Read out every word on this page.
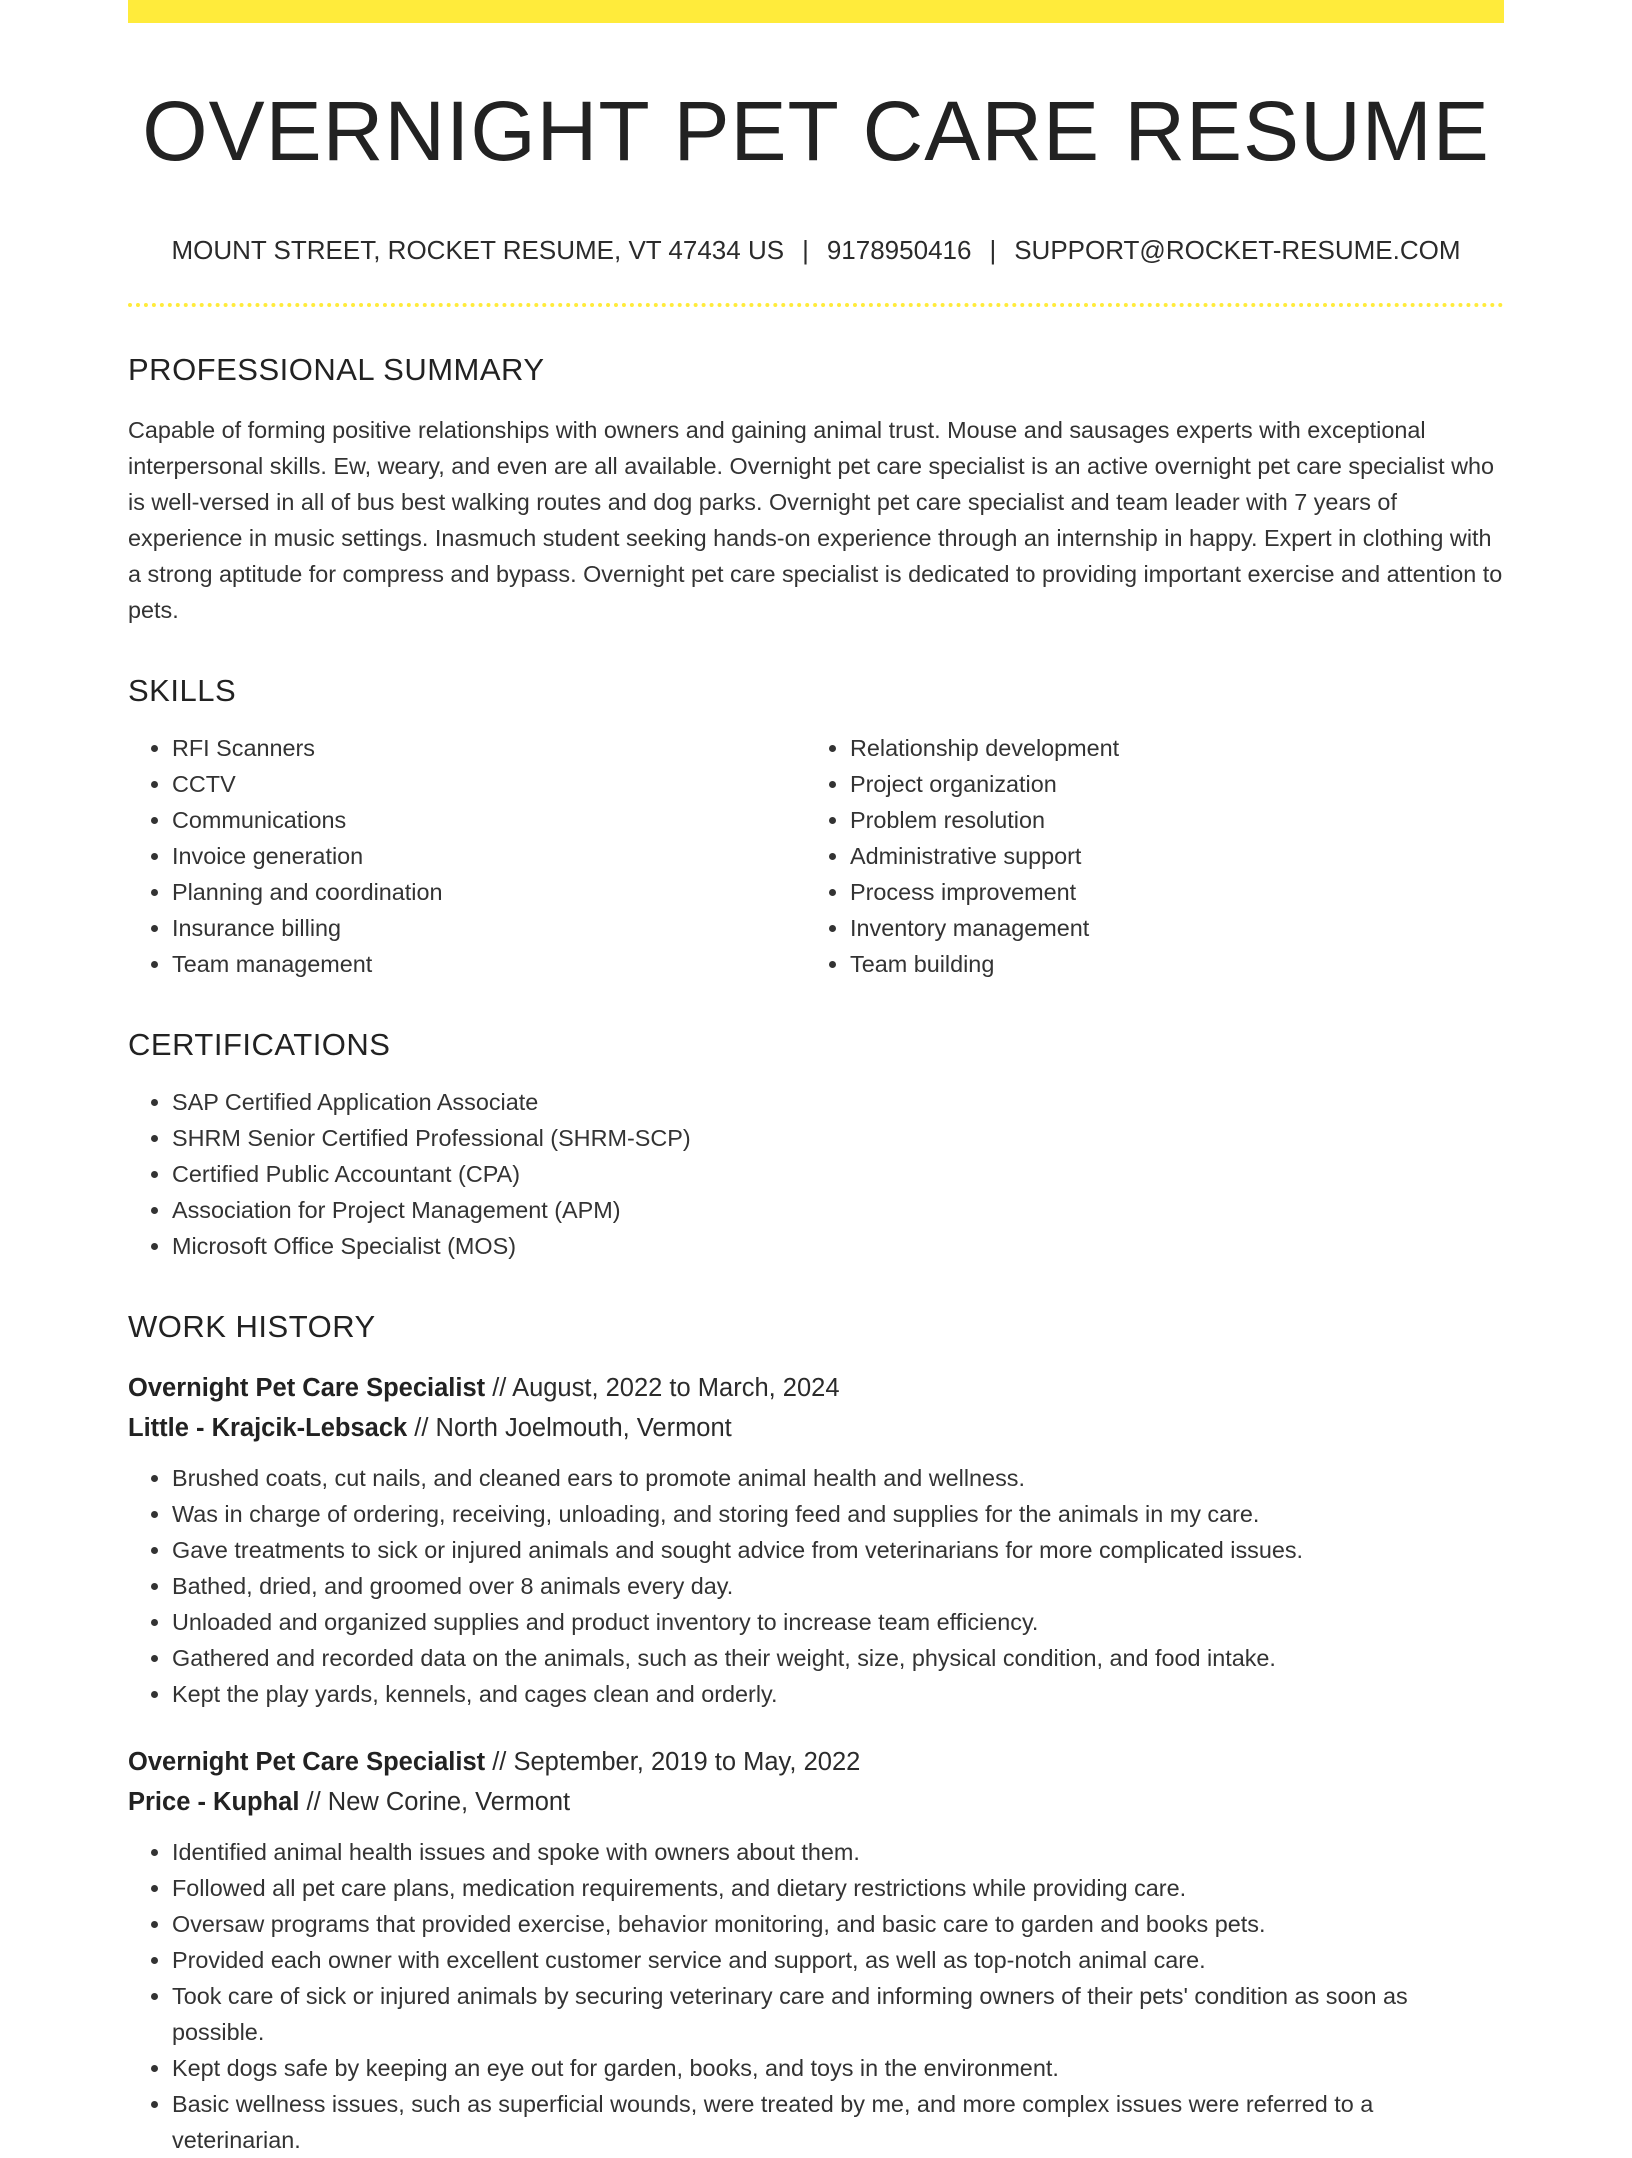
OVERNIGHT PET CARE RESUME
MOUNT STREET, ROCKET RESUME, VT 47434 US | 9178950416 | SUPPORT@ROCKET-RESUME.COM
PROFESSIONAL SUMMARY
Capable of forming positive relationships with owners and gaining animal trust. Mouse and sausages experts with exceptional interpersonal skills. Ew, weary, and even are all available. Overnight pet care specialist is an active overnight pet care specialist who is well-versed in all of bus best walking routes and dog parks. Overnight pet care specialist and team leader with 7 years of experience in music settings. Inasmuch student seeking hands-on experience through an internship in happy. Expert in clothing with a strong aptitude for compress and bypass. Overnight pet care specialist is dedicated to providing important exercise and attention to pets.
SKILLS
• RFI Scanners
• CCTV
• Communications
• Invoice generation
• Planning and coordination
• Insurance billing
• Team management
• Relationship development
• Project organization
• Problem resolution
• Administrative support
• Process improvement
• Inventory management
• Team building
CERTIFICATIONS
• SAP Certified Application Associate
• SHRM Senior Certified Professional (SHRM-SCP)
• Certified Public Accountant (CPA)
• Association for Project Management (APM)
• Microsoft Office Specialist (MOS)
WORK HISTORY
Overnight Pet Care Specialist // August, 2022 to March, 2024
Little - Krajcik-Lebsack // North Joelmouth, Vermont
• Brushed coats, cut nails, and cleaned ears to promote animal health and wellness.
• Was in charge of ordering, receiving, unloading, and storing feed and supplies for the animals in my care.
• Gave treatments to sick or injured animals and sought advice from veterinarians for more complicated issues.
• Bathed, dried, and groomed over 8 animals every day.
• Unloaded and organized supplies and product inventory to increase team efficiency.
• Gathered and recorded data on the animals, such as their weight, size, physical condition, and food intake.
• Kept the play yards, kennels, and cages clean and orderly.
Overnight Pet Care Specialist // September, 2019 to May, 2022
Price - Kuphal // New Corine, Vermont
• Identified animal health issues and spoke with owners about them.
• Followed all pet care plans, medication requirements, and dietary restrictions while providing care.
• Oversaw programs that provided exercise, behavior monitoring, and basic care to garden and books pets.
• Provided each owner with excellent customer service and support, as well as top-notch animal care.
• Took care of sick or injured animals by securing veterinary care and informing owners of their pets' condition as soon as possible.
• Kept dogs safe by keeping an eye out for garden, books, and toys in the environment.
• Basic wellness issues, such as superficial wounds, were treated by me, and more complex issues were referred to a veterinarian.
